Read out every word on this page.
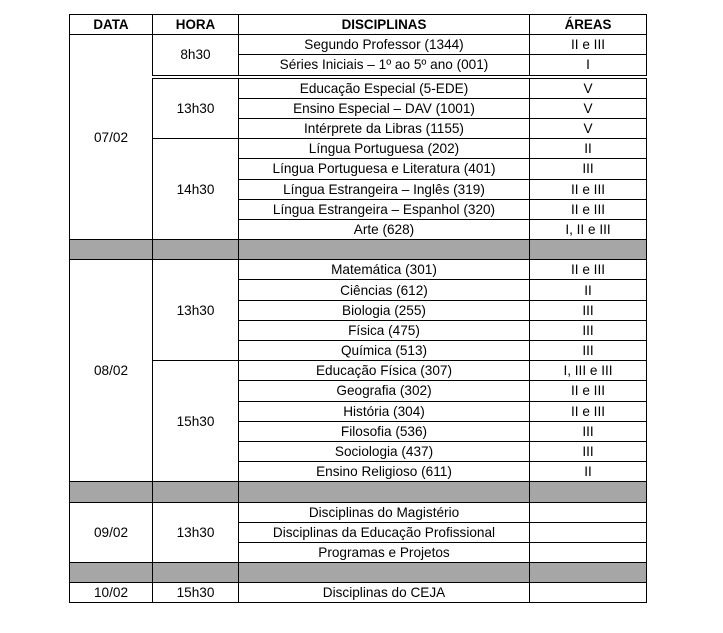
DATA	HORA	DISCIPLINAS	ÁREAS
07/02	8h30	Segundo Professor (1344)	II e III
		Séries Iniciais – 1º ao 5º ano (001)	I
	13h30	Educação Especial (5-EDE)	V
		Ensino Especial – DAV (1001)	V
		Intérprete da Libras (1155)	V
	14h30	Língua Portuguesa (202)	II
		Língua Portuguesa e Literatura (401)	III
		Língua Estrangeira – Inglês (319)	II e III
		Língua Estrangeira – Espanhol (320)	II e III
		Arte (628)	I, II e III

08/02	13h30	Matemática (301)	II e III
		Ciências (612)	II
		Biologia (255)	III
		Física (475)	III
		Química (513)	III
	15h30	Educação Física (307)	I, III e III
		Geografia (302)	II e III
		História (304)	II e III
		Filosofia (536)	III
		Sociologia (437)	III
		Ensino Religioso (611)	II

09/02	13h30	Disciplinas do Magistério	
		Disciplinas da Educação Profissional	
		Programas e Projetos	

10/02	15h30	Disciplinas do CEJA	
